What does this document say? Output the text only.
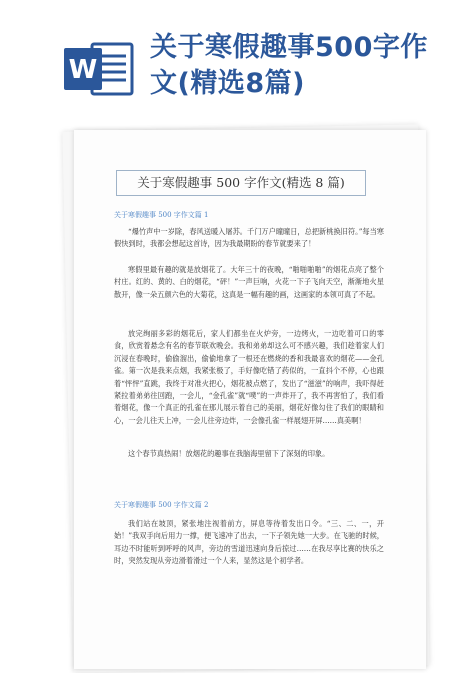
W
关于寒假趣事500字作文(精选8篇)
关于寒假趣事 500 字作文(精选 8 篇)
关于寒假趣事 500 字作文篇 1

“爆竹声中一岁除，春风送暖入屠苏。千门万户曈曈日，总把新桃换旧符。”每当寒假快到时，我都会想起这首诗，因为我最期盼的春节就要来了！

寒假里最有趣的就是放烟花了。大年三十的夜晚，“啪啪啪啪”的烟花点亮了整个村庄。红的、黄的、白的烟花，“砰！”一声巨响，火花一下子飞向天空，渐渐地火星散开，像一朵五颜六色的大菊花，这真是一幅有趣的画，这画家的本领可真了不起。

放完绚丽多彩的烟花后，家人们都坐在火炉旁，一边烤火，一边吃着可口的零食，欣赏着悬念有名的春节联欢晚会。我和弟弟却这么可不感兴趣，我们趁着家人们沉浸在春晚时，偷偷溜出，偷偷地拿了一根还在燃烧的香和我最喜欢的烟花——金孔雀。第一次是我来点烟，我紧张极了，手好像吃错了药似的，一直抖个不停，心也跟着“怦怦”直跳，我终于对准火把心，烟花被点燃了，发出了“滋滋”的响声，我吓得赶紧拉着弟弟往回跑，一会儿，“金孔雀”就“噗”的一声炸开了，我不再害怕了，我们看着烟花，像一个真正的孔雀在那儿展示着自己的美丽，烟花好像勾住了我们的眼睛和心，一会儿往天上冲，一会儿往旁边炸，一会像孔雀一样展翅开屏……真美啊！

这个春节真热闹！放烟花的趣事在我脑海里留下了深刻的印象。

关于寒假趣事 500 字作文篇 2

我们站在坡顶，紧张地注视着前方，屏息等待着发出口令。“三、二、一，开始！”我双手向后用力一撑，便飞速冲了出去，一下子领先她一大步。在飞驰的时候，耳边不时能听到呼呼的风声，旁边的雪道迅速向身后掠过……在我尽享比赛的快乐之时，突然发现从旁边滑着滑过一个人来，显然这是个初学者。
